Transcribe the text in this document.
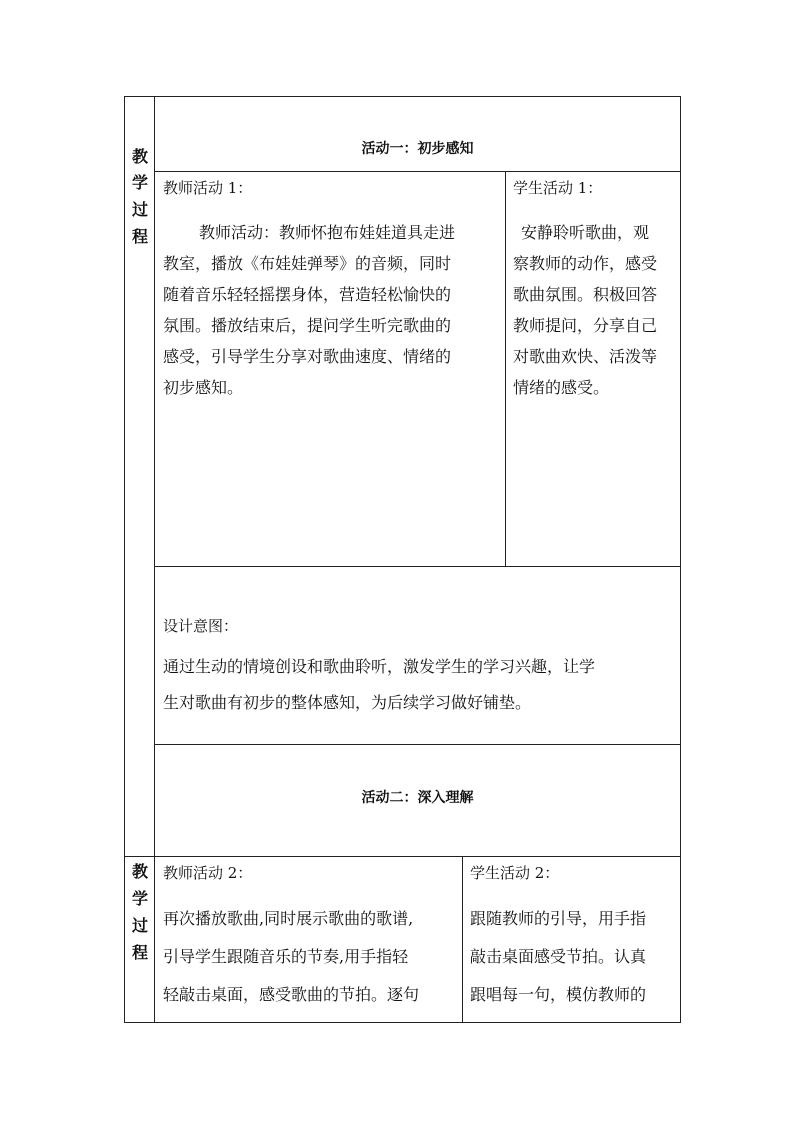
教
学
过
程
活动一：初步感知
教师活动 1：
教师活动：教师怀抱布娃娃道具走进
教室，播放《布娃娃弹琴》的音频，同时
随着音乐轻轻摇摆身体，营造轻松愉快的
氛围。播放结束后，提问学生听完歌曲的
感受，引导学生分享对歌曲速度、情绪的
初步感知。
学生活动 1：
安静聆听歌曲，观
察教师的动作，感受
歌曲氛围。积极回答
教师提问，分享自己
对歌曲欢快、活泼等
情绪的感受。
设计意图：
通过生动的情境创设和歌曲聆听，激发学生的学习兴趣，让学
生对歌曲有初步的整体感知，为后续学习做好铺垫。
活动二：深入理解
教
学
过
程
教师活动 2：
再次播放歌曲,同时展示歌曲的歌谱,
引导学生跟随音乐的节奏,用手指轻
轻敲击桌面，感受歌曲的节拍。逐句
学生活动 2：
跟随教师的引导，用手指
敲击桌面感受节拍。认真
跟唱每一句，模仿教师的
